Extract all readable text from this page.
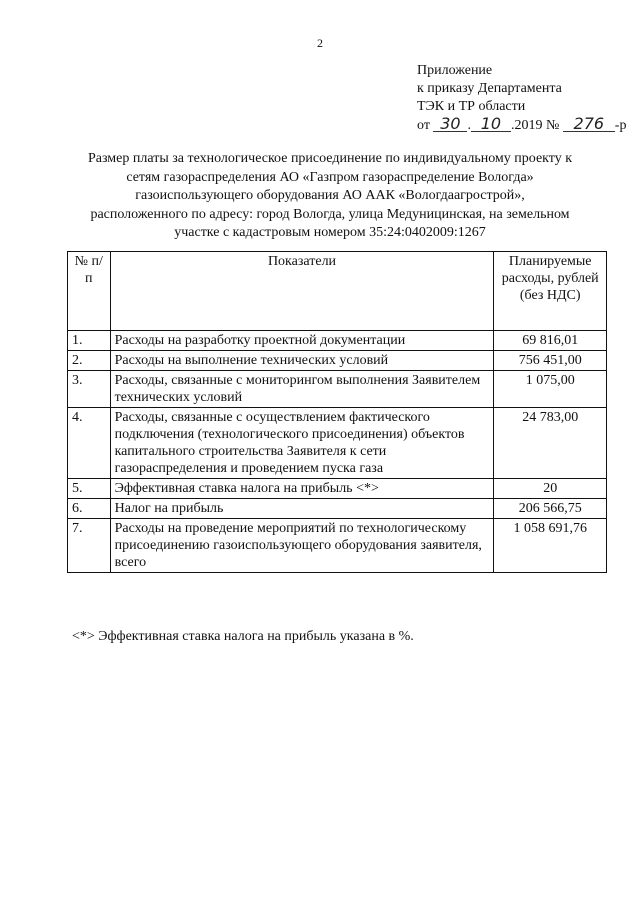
2
Приложение
к приказу Департамента
ТЭК и ТР области
от 30 . 10 .2019 № 276 -р
Размер платы за технологическое присоединение по индивидуальному проекту к
сетям газораспределения АО «Газпром газораспределение Вологда»
газоиспользующего оборудования АО ААК «Вологдаагрострой»,
расположенного по адресу: город Вологда, улица Медуницинская, на земельном
участке с кадастровым номером 35:24:0402009:1267
№ п/п	Показатели	Планируемые расходы, рублей (без НДС)
1.	Расходы на разработку проектной документации	69 816,01
2.	Расходы на выполнение технических условий	756 451,00
3.	Расходы, связанные с мониторингом выполнения Заявителем технических условий	1 075,00
4.	Расходы, связанные с осуществлением фактического подключения (технологического присоединения) объектов капитального строительства Заявителя к сети газораспределения и проведением пуска газа	24 783,00
5.	Эффективная ставка налога на прибыль <*>	20
6.	Налог на прибыль	206 566,75
7.	Расходы на проведение мероприятий по технологическому присоединению газоиспользующего оборудования заявителя, всего	1 058 691,76
<*> Эффективная ставка налога на прибыль указана в %.
